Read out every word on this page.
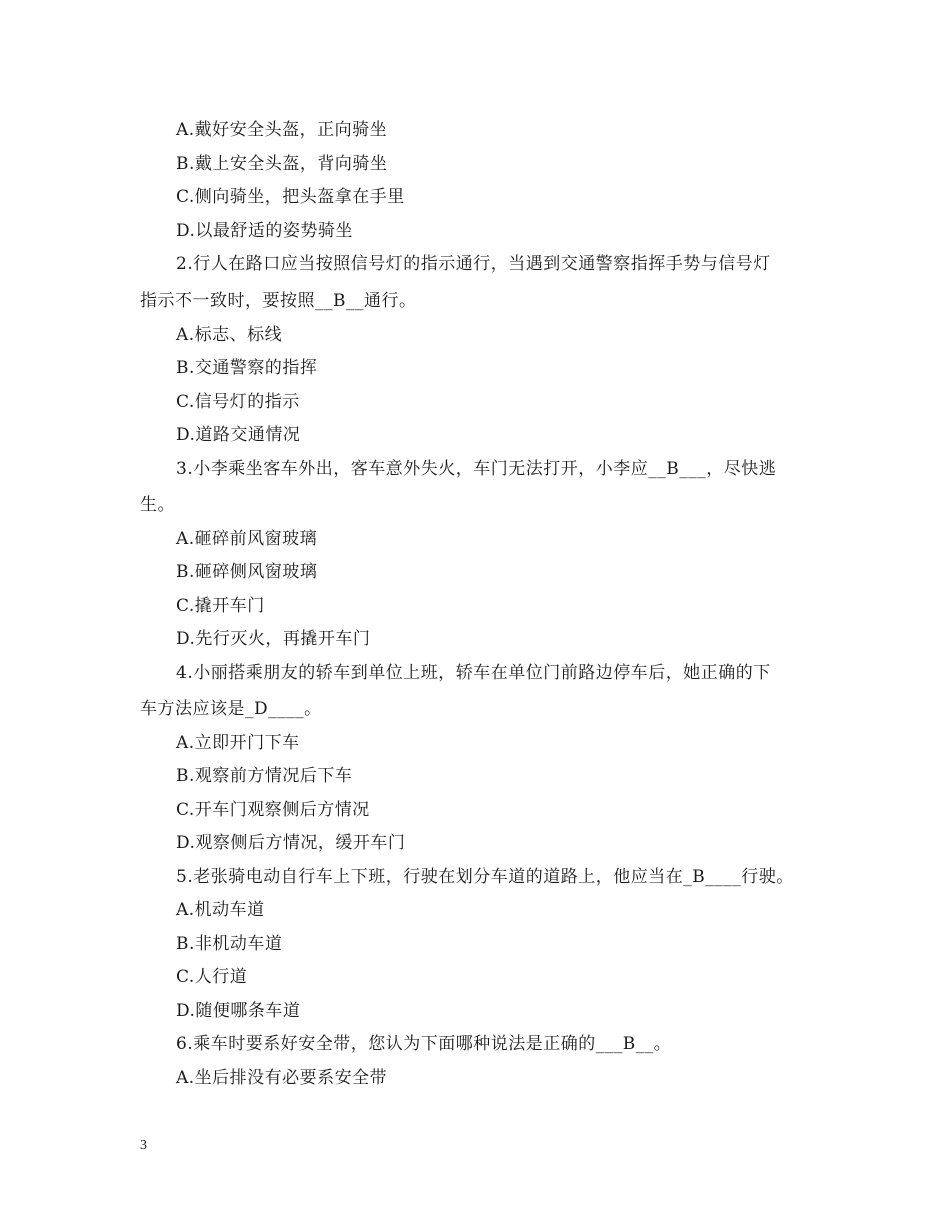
A.戴好安全头盔，正向骑坐
B.戴上安全头盔，背向骑坐
C.侧向骑坐，把头盔拿在手里
D.以最舒适的姿势骑坐
2.行人在路口应当按照信号灯的指示通行，当遇到交通警察指挥手势与信号灯
指示不一致时，要按照__B__通行。
A.标志、标线
B.交通警察的指挥
C.信号灯的指示
D.道路交通情况
3.小李乘坐客车外出，客车意外失火，车门无法打开，小李应__B___，尽快逃
生。
A.砸碎前风窗玻璃
B.砸碎侧风窗玻璃
C.撬开车门
D.先行灭火，再撬开车门
4.小丽搭乘朋友的轿车到单位上班，轿车在单位门前路边停车后，她正确的下
车方法应该是_D____。
A.立即开门下车
B.观察前方情况后下车
C.开车门观察侧后方情况
D.观察侧后方情况，缓开车门
5.老张骑电动自行车上下班，行驶在划分车道的道路上，他应当在_B____行驶。
A.机动车道
B.非机动车道
C.人行道
D.随便哪条车道
6.乘车时要系好安全带，您认为下面哪种说法是正确的___B__。
A.坐后排没有必要系安全带
3
